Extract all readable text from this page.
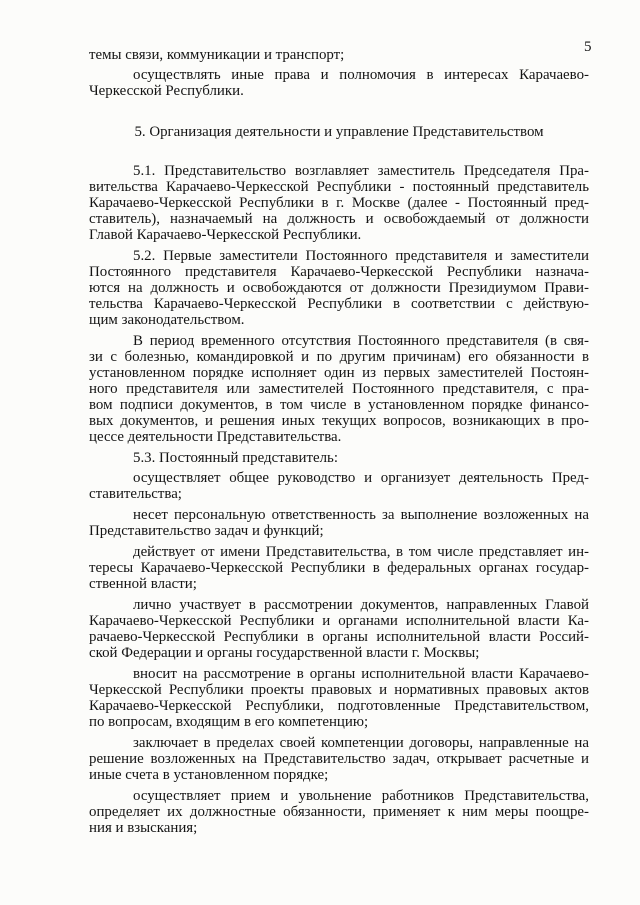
5
темы связи, коммуникации и транспорт;
осуществлять иные права и полномочия в интересах Карачаево-
Черкесской Республики.
5. Организация деятельности и управление Представительством
5.1. Представительство возглавляет заместитель Председателя Пра-
вительства Карачаево-Черкесской Республики - постоянный представитель
Карачаево-Черкесской Республики в г. Москве (далее - Постоянный пред-
ставитель), назначаемый на должность и освобождаемый от должности
Главой Карачаево-Черкесской Республики.
5.2. Первые заместители Постоянного представителя и заместители
Постоянного представителя Карачаево-Черкесской Республики назнача-
ются на должность и освобождаются от должности Президиумом Прави-
тельства Карачаево-Черкесской Республики в соответствии с действую-
щим законодательством.
В период временного отсутствия Постоянного представителя (в свя-
зи с болезнью, командировкой и по другим причинам) его обязанности в
установленном порядке исполняет один из первых заместителей Постоян-
ного представителя или заместителей Постоянного представителя, с пра-
вом подписи документов, в том числе в установленном порядке финансо-
вых документов, и решения иных текущих вопросов, возникающих в про-
цессе деятельности Представительства.
5.3. Постоянный представитель:
осуществляет общее руководство и организует деятельность Пред-
ставительства;
несет персональную ответственность за выполнение возложенных на
Представительство задач и функций;
действует от имени Представительства, в том числе представляет ин-
тересы Карачаево-Черкесской Республики в федеральных органах государ-
ственной власти;
лично участвует в рассмотрении документов, направленных Главой
Карачаево-Черкесской Республики и органами исполнительной власти Ка-
рачаево-Черкесской Республики в органы исполнительной власти Россий-
ской Федерации и органы государственной власти г. Москвы;
вносит на рассмотрение в органы исполнительной власти Карачаево-
Черкесской Республики проекты правовых и нормативных правовых актов
Карачаево-Черкесской Республики, подготовленные Представительством,
по вопросам, входящим в его компетенцию;
заключает в пределах своей компетенции договоры, направленные на
решение возложенных на Представительство задач, открывает расчетные и
иные счета в установленном порядке;
осуществляет прием и увольнение работников Представительства,
определяет их должностные обязанности, применяет к ним меры поощре-
ния и взыскания;
